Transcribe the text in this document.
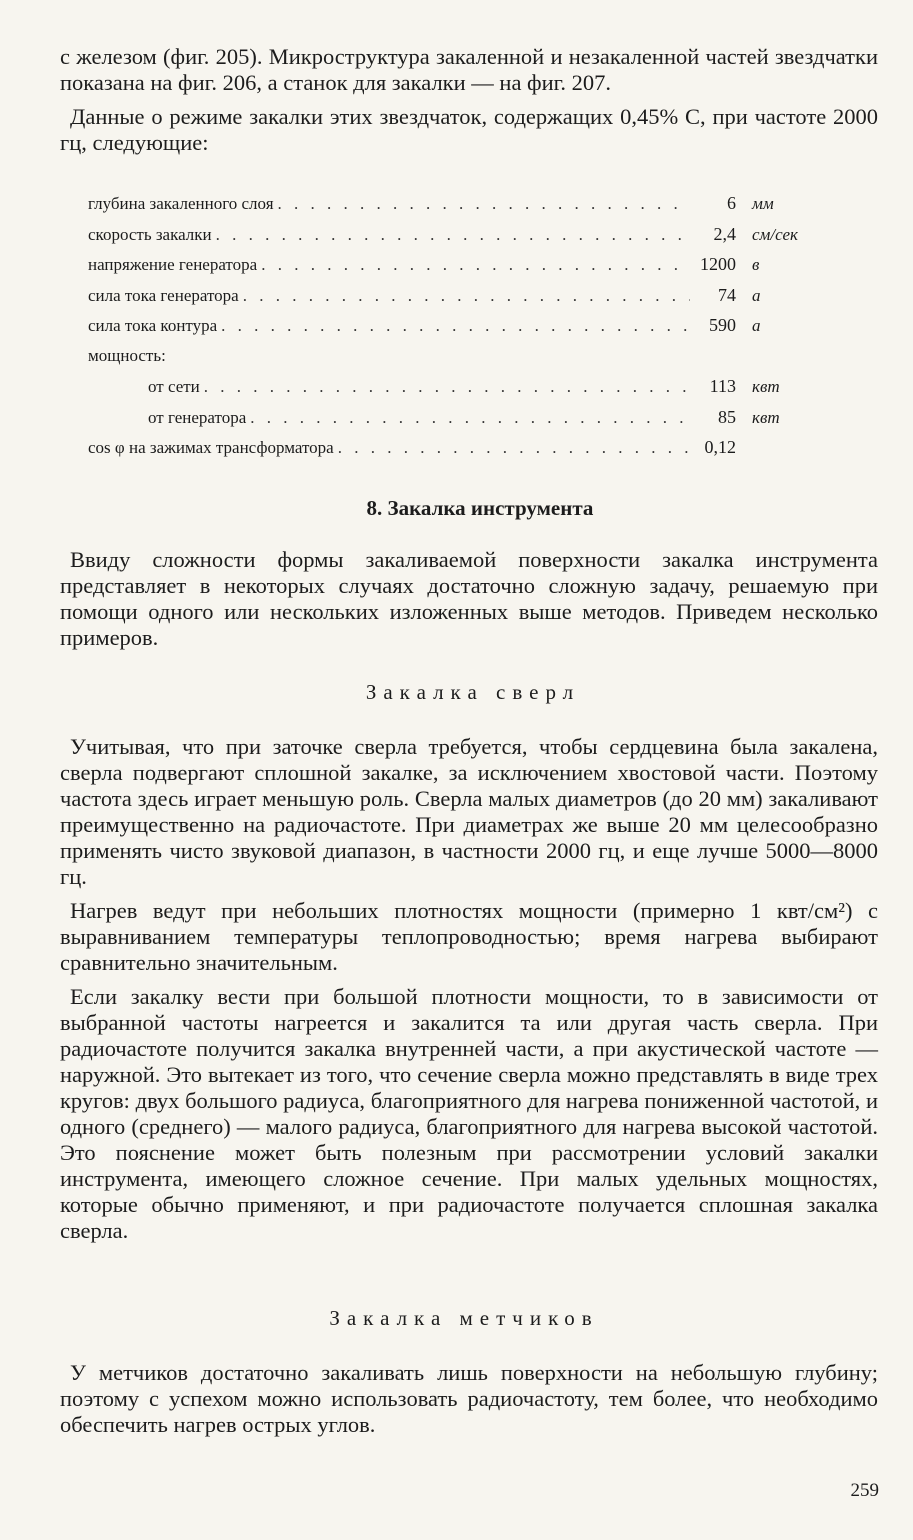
с железом (фиг. 205). Микроструктура закаленной и незакаленной частей звездчатки показана на фиг. 206, а станок для закалки — на фиг. 207.

Данные о режиме закалки этих звездчаток, содержащих 0,45% С, при частоте 2000 гц, следующие:

глубина закаленного слоя . . .	6 мм
скорость закалки . . .	2,4 см/сек
напряжение генератора . . .	1200 в
сила тока генератора . . .	74 а
сила тока контура . . .	590 а
мощность:
от сети . . .	113 квт
от генератора . . .	85 квт
cos φ на зажимах трансформатора . . .	0,12
8. Закалка инструмента

Ввиду сложности формы закаливаемой поверхности закалка инструмента представляет в некоторых случаях достаточно сложную задачу, решаемую при помощи одного или нескольких изложенных выше методов. Приведем несколько примеров.

Закалка сверл

Учитывая, что при заточке сверла требуется, чтобы сердцевина была закалена, сверла подвергают сплошной закалке, за исключением хвостовой части. Поэтому частота здесь играет меньшую роль. Сверла малых диаметров (до 20 мм) закаливают преимущественно на радиочастоте. При диаметрах же выше 20 мм целесообразно применять чисто звуковой диапазон, в частности 2000 гц, и еще лучше 5000—8000 гц.

Нагрев ведут при небольших плотностях мощности (примерно 1 квт/см²) с выравниванием температуры теплопроводностью; время нагрева выбирают сравнительно значительным.

Если закалку вести при большой плотности мощности, то в зависимости от выбранной частоты нагреется и закалится та или другая часть сверла. При радиочастоте получится закалка внутренней части, а при акустической частоте — наружной. Это вытекает из того, что сечение сверла можно представлять в виде трех кругов: двух большого радиуса, благоприятного для нагрева пониженной частотой, и одного (среднего) — малого радиуса, благоприятного для нагрева высокой частотой. Это пояснение может быть полезным при рассмотрении условий закалки инструмента, имеющего сложное сечение. При малых удельных мощностях, которые обычно применяют, и при радиочастоте получается сплошная закалка сверла.

Закалка метчиков

У метчиков достаточно закаливать лишь поверхности на небольшую глубину; поэтому с успехом можно использовать радиочастоту, тем более, что необходимо обеспечить нагрев острых углов.

259
